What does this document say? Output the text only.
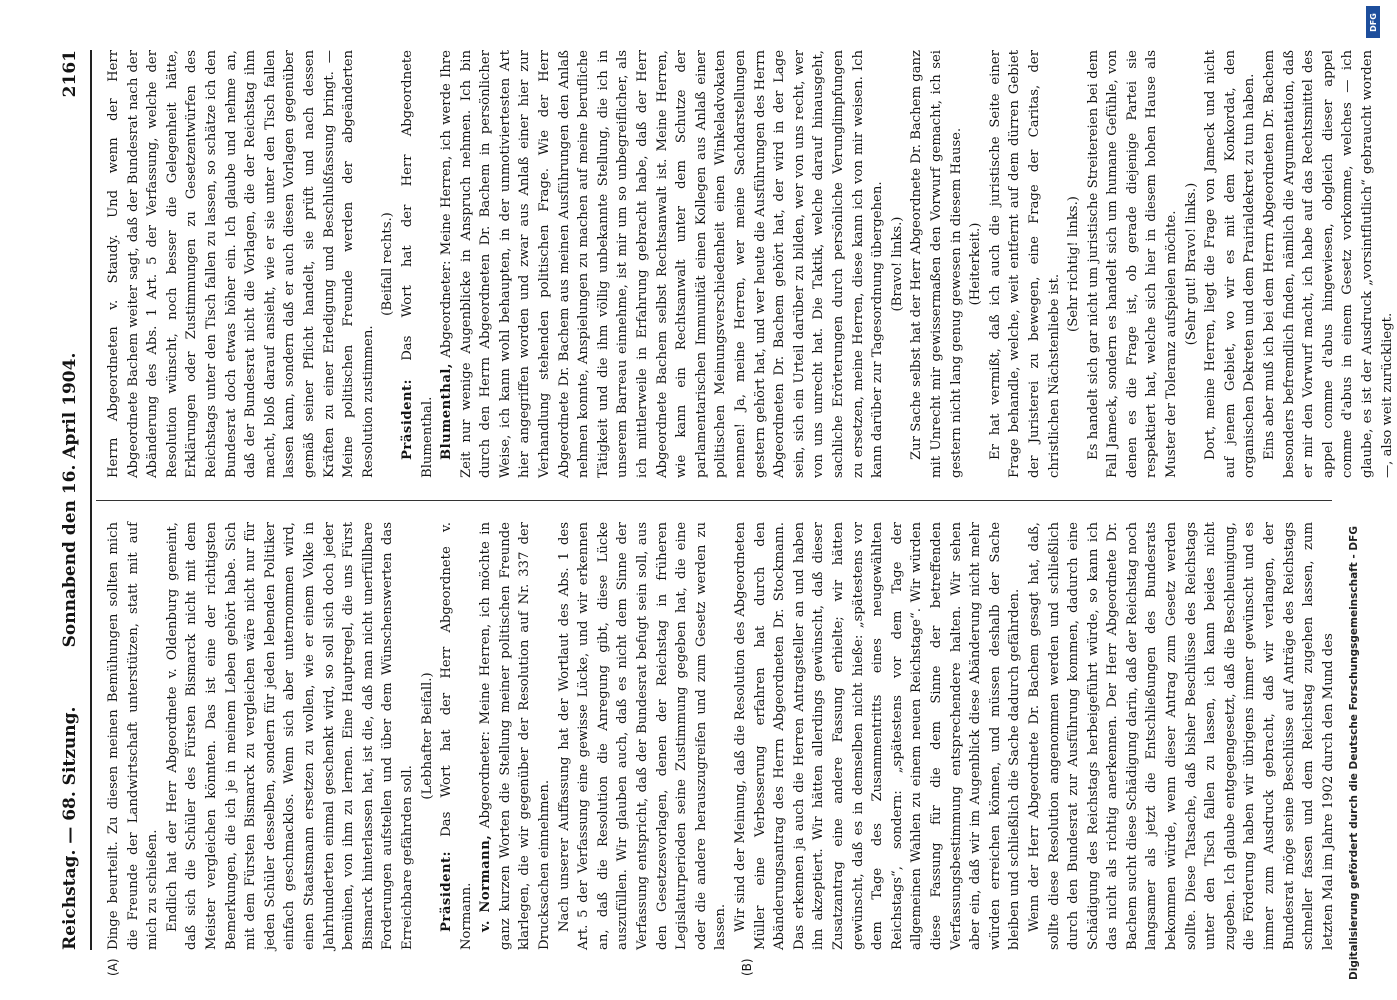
Reichstag. — 68. Sitzung.
Sonnabend den 16. April 1904.
2161
(A)	(B)

Dinge beurteilt. Zu diesen meinen Bemühungen sollten mich die Freunde der Landwirtschaft unterstützen, statt mit auf mich zu schießen. Endlich hat der Herr Abgeordnete v. Oldenburg gemeint, daß sich die Schüler des Fürsten Bismarck nicht mit dem Meister vergleichen könnten. Das ist eine der richtigsten Bemerkungen, die ich je in meinem Leben gehört habe. Sich mit dem Fürsten Bismarck zu vergleichen wäre nicht nur für jeden Schüler desselben, sondern für jeden lebenden Politiker einfach geschmacklos. Wenn sich aber unternommen wird, einen Staatsmann ersetzen zu wollen, wie er einem Volke in Jahrhunderten einmal geschenkt wird, so soll sich doch jeder bemühen, von ihm zu lernen. Eine Hauptregel, die uns Fürst Bismarck hinterlassen hat, ist die, daß man nicht unerfüllbare Forderungen aufstellen und über dem Wünschenswerten das Erreichbare gefährden soll.

(Lebhafter Beifall.)

Präsident: Das Wort hat der Herr Abgeordnete v. Normann. v. Normann, Abgeordneter: Meine Herren, ich möchte in ganz kurzen Worten die Stellung meiner politischen Freunde klarlegen, die wir gegenüber der Resolution auf Nr. 337 der Drucksachen einnehmen. Nach unserer Auffassung hat der Wortlaut des Abs. 1 des Art. 5 der Verfassung eine gewisse Lücke, und wir erkennen an, daß die Resolution die Anregung gibt, diese Lücke auszufüllen. Wir glauben auch, daß es nicht dem Sinne der Verfassung entspricht, daß der Bundesrat befugt sein soll, aus den Gesetzesvorlagen, denen der Reichstag in früheren Legislaturperioden seine Zustimmung gegeben hat, die eine oder die andere herauszugreifen und zum Gesetz werden zu lassen. Wir sind der Meinung, daß die Resolution des Abgeordneten Müller eine Verbesserung erfahren hat durch den Abänderungsantrag des Herrn Abgeordneten Dr. Stockmann. Das erkennen ja auch die Herren Antragsteller an und haben ihn akzeptiert. Wir hätten allerdings gewünscht, daß dieser Zusatzantrag eine andere Fassung erhielte; wir hätten gewünscht, daß es in demselben nicht hieße: „spätestens vor dem Tage des Zusammentritts eines neugewählten Reichstags“, sondern: „spätestens vor dem Tage der allgemeinen Wahlen zu einem neuen Reichstage“. Wir würden diese Fassung für die dem Sinne der betreffenden Verfassungsbestimmung entsprechendere halten. Wir sehen aber ein, daß wir im Augenblick diese Abänderung nicht mehr würden erreichen können, und müssen deshalb der Sache bleiben und schließlich die Sache dadurch gefährden. Wenn der Herr Abgeordnete Dr. Bachem gesagt hat, daß, sollte diese Resolution angenommen werden und schließlich durch den Bundesrat zur Ausführung kommen, dadurch eine Schädigung des Reichstags herbeigeführt würde, so kann ich das nicht als richtig anerkennen. Der Herr Abgeordnete Dr. Bachem sucht diese Schädigung darin, daß der Reichstag noch langsamer als jetzt die Entschließungen des Bundesrats bekommen würde, wenn dieser Antrag zum Gesetz werden sollte. Diese Tatsache, daß bisher Beschlüsse des Reichstags unter den Tisch fallen zu lassen, ich kann beides nicht zugeben. Ich glaube entgegengesetzt, daß die Beschleunigung, die Förderung haben wir übrigens immer gewünscht und es immer zum Ausdruck gebracht, daß wir verlangen, der Bundesrat möge seine Beschlüsse auf Anträge des Reichstags schneller fassen und dem Reichstag zugehen lassen, zum letzten Mal im Jahre 1902 durch den Mund des

Herrn Abgeordneten v. Staudy. Und wenn der Herr Abgeordnete Bachem weiter sagt, daß der Bundesrat nach der Abänderung des Abs. 1 Art. 5 der Verfassung, welche der Resolution wünscht, noch besser die Gelegenheit hätte, Erklärungen oder Zustimmungen zu Gesetzentwürfen des Reichstags unter den Tisch fallen zu lassen, so schätze ich den Bundesrat doch etwas höher ein. Ich glaube und nehme an, daß der Bundesrat nicht die Vorlagen, die der Reichstag ihm macht, bloß darauf ansieht, wie er sie unter den Tisch fallen lassen kann, sondern daß er auch diesen Vorlagen gegenüber gemäß seiner Pflicht handelt, sie prüft und nach dessen Kräften zu einer Erledigung und Beschlußfassung bringt. — Meine politischen Freunde werden der abgeänderten Resolution zustimmen.

(Beifall rechts.)

Präsident: Das Wort hat der Herr Abgeordnete Blumenthal. Blumenthal, Abgeordneter: Meine Herren, ich werde Ihre Zeit nur wenige Augenblicke in Anspruch nehmen. Ich bin durch den Herrn Abgeordneten Dr. Bachem in persönlicher Weise, ich kann wohl behaupten, in der unmotiviertesten Art hier angegriffen worden und zwar aus Anlaß einer hier zur Verhandlung stehenden politischen Frage. Wie der Herr Abgeordnete Dr. Bachem aus meinen Ausführungen den Anlaß nehmen konnte, Anspielungen zu machen auf meine berufliche Tätigkeit und die ihm völlig unbekannte Stellung, die ich in unserem Barreau einnehme, ist mir um so unbegreiflicher, als ich mittlerweile in Erfahrung gebracht habe, daß der Herr Abgeordnete Bachem selbst Rechtsanwalt ist. Meine Herren, wie kann ein Rechtsanwalt unter dem Schutze der parlamentarischen Immunität einen Kollegen aus Anlaß einer politischen Meinungsverschiedenheit einen Winkeladvokaten nennen! Ja, meine Herren, wer meine Sachdarstellungen gestern gehört hat, und wer heute die Ausführungen des Herrn Abgeordneten Dr. Bachem gehört hat, der wird in der Lage sein, sich ein Urteil darüber zu bilden, wer von uns recht, wer von uns unrecht hat. Die Taktik, welche darauf hinausgeht, sachliche Erörterungen durch persönliche Verunglimpfungen zu ersetzen, meine Herren, diese kann ich von mir weisen. Ich kann darüber zur Tagesordnung übergehen. (Bravo! links.) Zur Sache selbst hat der Herr Abgeordnete Dr. Bachem ganz mit Unrecht mir gewissermaßen den Vorwurf gemacht, ich sei gestern nicht lang genug gewesen in diesem Hause. (Heiterkeit.) Er hat vermißt, daß ich auch die juristische Seite einer Frage behandle, welche, weit entfernt auf dem dürren Gebiet der Juristerei zu bewegen, eine Frage der Caritas, der christlichen Nächstenliebe ist.

(Sehr richtig! links.) Es handelt sich gar nicht um juristische Streitereien bei dem Fall Jameck, sondern es handelt sich um humane Gefühle, von denen es die Frage ist, ob gerade diejenige Partei sie respektiert hat, welche sich hier in diesem hohen Hause als Muster der Toleranz aufspielen möchte. (Sehr gut! Bravo! links.) Dort, meine Herren, liegt die Frage von Jameck und nicht auf jenem Gebiet, wo wir es mit dem Konkordat, den organischen Dekreten und dem Prairialdekret zu tun haben. Eins aber muß ich bei dem Herrn Abgeordneten Dr. Bachem besonders befremdlich finden, nämlich die Argumentation, daß er mir den Vorwurf macht, ich habe auf das Rechtsmittel des appel comme d'abus hingewiesen, obgleich dieser appel comme d'abus in einem Gesetz vorkomme, welches — ich glaube, es ist der Ausdruck „vorsintflutlich“ gebraucht worden —, also weit zurückliegt.

Digitalisierung gefördert durch die Deutsche Forschungsgemeinschaft - DFG
DFG
